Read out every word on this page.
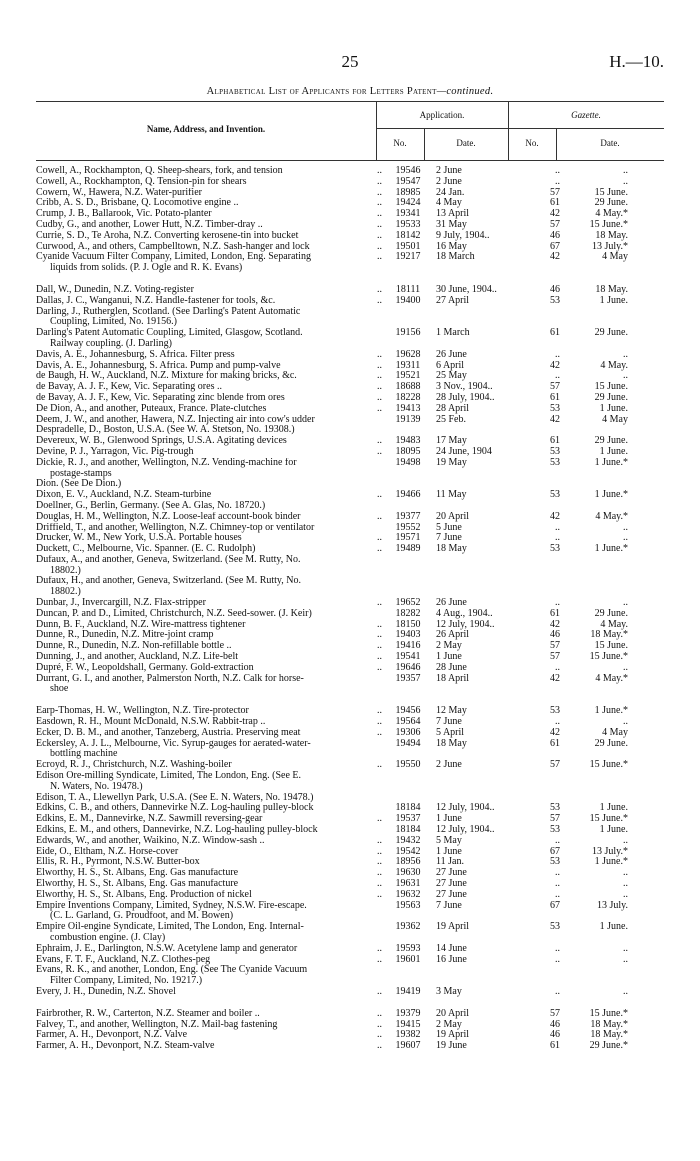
25	H.—10.
Alphabetical List of Applicants for Letters Patent—continued.
Name, Address, and Invention.
Application.	Gazette.
No.	Date.	No.	Date.
Cowell, A., Rockhampton, Q. Sheep-shears, fork, and tension	..	19546	2 June	..	..
Cowell, A., Rockhampton, Q. Tension-pin for shears	..	19547	2 June	..	..
Cowern, W., Hawera, N.Z. Water-purifier	..	18985	24 Jan.	57	15 June.
Cribb, A. S. D., Brisbane, Q. Locomotive engine ..	..	19424	4 May	61	29 June.
Crump, J. B., Ballarook, Vic. Potato-planter	..	19341	13 April	42	4 May.*
Cudby, G., and another, Lower Hutt, N.Z. Timber-dray ..	..	19533	31 May	57	15 June.*
Currie, S. D., Te Aroha, N.Z. Converting kerosene-tin into bucket	..	18142	9 July, 1904..	46	18 May.
Curwood, A., and others, Campbelltown, N.Z. Sash-hanger and lock	..	19501	16 May	67	13 July.*
Cyanide Vacuum Filter Company, Limited, London, Eng. Separating	..	19217	18 March	42	4 May
liquids from solids. (P. J. Ogle and R. K. Evans)
Dall, W., Dunedin, N.Z. Voting-register	..	18111	30 June, 1904..	46	18 May.
Dallas, J. C., Wanganui, N.Z. Handle-fastener for tools, &c.	..	19400	27 April	53	1 June.
Darling, J., Rutherglen, Scotland. (See Darling's Patent Automatic
Coupling, Limited, No. 19156.)
Darling's Patent Automatic Coupling, Limited, Glasgow, Scotland.	19156	1 March	61	29 June.
Railway coupling. (J. Darling)
Davis, A. E., Johannesburg, S. Africa. Filter press	..	19628	26 June	..	..
Davis, A. E., Johannesburg, S. Africa. Pump and pump-valve	..	19311	6 April	42	4 May.
de Baugh, H. W., Auckland, N.Z. Mixture for making bricks, &c.	..	19521	25 May	..	..
de Bavay, A. J. F., Kew, Vic. Separating ores ..	..	18688	3 Nov., 1904..	57	15 June.
de Bavay, A. J. F., Kew, Vic. Separating zinc blende from ores	..	18228	28 July, 1904..	61	29 June.
De Dion, A., and another, Puteaux, France. Plate-clutches	..	19413	28 April	53	1 June.
Deem, J. W., and another, Hawera, N.Z. Injecting air into cow's udder	19139	25 Feb.	42	4 May
Despradelle, D., Boston, U.S.A. (See W. A. Stetson, No. 19308.)
Devereux, W. B., Glenwood Springs, U.S.A. Agitating devices	..	19483	17 May	61	29 June.
Devine, P. J., Yarragon, Vic. Pig-trough	..	18095	24 June, 1904	53	1 June.
Dickie, R. J., and another, Wellington, N.Z. Vending-machine for	19498	19 May	53	1 June.*
postage-stamps
Dion. (See De Dion.)
Dixon, E. V., Auckland, N.Z. Steam-turbine	..	19466	11 May	53	1 June.*
Doellner, G., Berlin, Germany. (See A. Glas, No. 18720.)
Douglas, H. M., Wellington, N.Z. Loose-leaf account-book binder	..	19377	20 April	42	4 May.*
Driffield, T., and another, Wellington, N.Z. Chimney-top or ventilator	19552	5 June	..	..
Drucker, W. M., New York, U.S.A. Portable houses	..	19571	7 June	..	..
Duckett, C., Melbourne, Vic. Spanner. (E. C. Rudolph)	..	19489	18 May	53	1 June.*
Dufaux, A., and another, Geneva, Switzerland. (See M. Rutty, No.
18802.)
Dufaux, H., and another, Geneva, Switzerland. (See M. Rutty, No.
18802.)
Dunbar, J., Invercargill, N.Z. Flax-stripper	..	19652	26 June	..	..
Duncan, P. and D., Limited, Christchurch, N.Z. Seed-sower. (J. Keir)	18282	4 Aug., 1904..	61	29 June.
Dunn, B. F., Auckland, N.Z. Wire-mattress tightener	..	18150	12 July, 1904..	42	4 May.
Dunne, R., Dunedin, N.Z. Mitre-joint cramp	..	19403	26 April	46	18 May.*
Dunne, R., Dunedin, N.Z. Non-refillable bottle ..	..	19416	2 May	57	15 June.
Dunning, J., and another, Auckland, N.Z. Life-belt	..	19541	1 June	57	15 June.*
Dupré, F. W., Leopoldshall, Germany. Gold-extraction	..	19646	28 June	..	..
Durrant, G. I., and another, Palmerston North, N.Z. Calk for horse-	19357	18 April	42	4 May.*
shoe
Earp-Thomas, H. W., Wellington, N.Z. Tire-protector	..	19456	12 May	53	1 June.*
Easdown, R. H., Mount McDonald, N.S.W. Rabbit-trap ..	..	19564	7 June	..	..
Ecker, D. B. M., and another, Tanzeberg, Austria. Preserving meat	..	19306	5 April	42	4 May
Eckersley, A. J. L., Melbourne, Vic. Syrup-gauges for aerated-water-	19494	18 May	61	29 June.
bottling machine
Ecroyd, R. J., Christchurch, N.Z. Washing-boiler	..	19550	2 June	57	15 June.*
Edison Ore-milling Syndicate, Limited, The London, Eng. (See E.
N. Waters, No. 19478.)
Edison, T. A., Llewellyn Park, U.S.A. (See E. N. Waters, No. 19478.)
Edkins, C. B., and others, Dannevirke N.Z. Log-hauling pulley-block	18184	12 July, 1904..	53	1 June.
Edkins, E. M., Dannevirke, N.Z. Sawmill reversing-gear	..	19537	1 June	57	15 June.*
Edkins, E. M., and others, Dannevirke, N.Z. Log-hauling pulley-block	18184	12 July, 1904..	53	1 June.
Edwards, W., and another, Waikino, N.Z. Window-sash ..	..	19432	5 May	..	..
Eide, O., Eltham, N.Z. Horse-cover	..	19542	1 June	67	13 July.*
Ellis, R. H., Pyrmont, N.S.W. Butter-box	..	18956	11 Jan.	53	1 June.*
Elworthy, H. S., St. Albans, Eng. Gas manufacture	..	19630	27 June	..	..
Elworthy, H. S., St. Albans, Eng. Gas manufacture	..	19631	27 June	..	..
Elworthy, H. S., St. Albans, Eng. Production of nickel	..	19632	27 June	..	..
Empire Inventions Company, Limited, Sydney, N.S.W. Fire-escape.	19563	7 June	67	13 July.
(C. L. Garland, G. Proudfoot, and M. Bowen)
Empire Oil-engine Syndicate, Limited, The London, Eng. Internal-	19362	19 April	53	1 June.
combustion engine. (J. Clay)
Ephraim, J. E., Darlington, N.S.W. Acetylene lamp and generator	..	19593	14 June	..	..
Evans, F. T. F., Auckland, N.Z. Clothes-peg	..	19601	16 June	..	..
Evans, R. K., and another, London, Eng. (See The Cyanide Vacuum
Filter Company, Limited, No. 19217.)
Every, J. H., Dunedin, N.Z. Shovel	..	19419	3 May	..	..
Fairbrother, R. W., Carterton, N.Z. Steamer and boiler ..	..	19379	20 April	57	15 June.*
Falvey, T., and another, Wellington, N.Z. Mail-bag fastening	..	19415	2 May	46	18 May.*
Farmer, A. H., Devonport, N.Z. Valve	..	19382	19 April	46	18 May.*
Farmer, A. H., Devonport, N.Z. Steam-valve	..	19607	19 June	61	29 June.*
